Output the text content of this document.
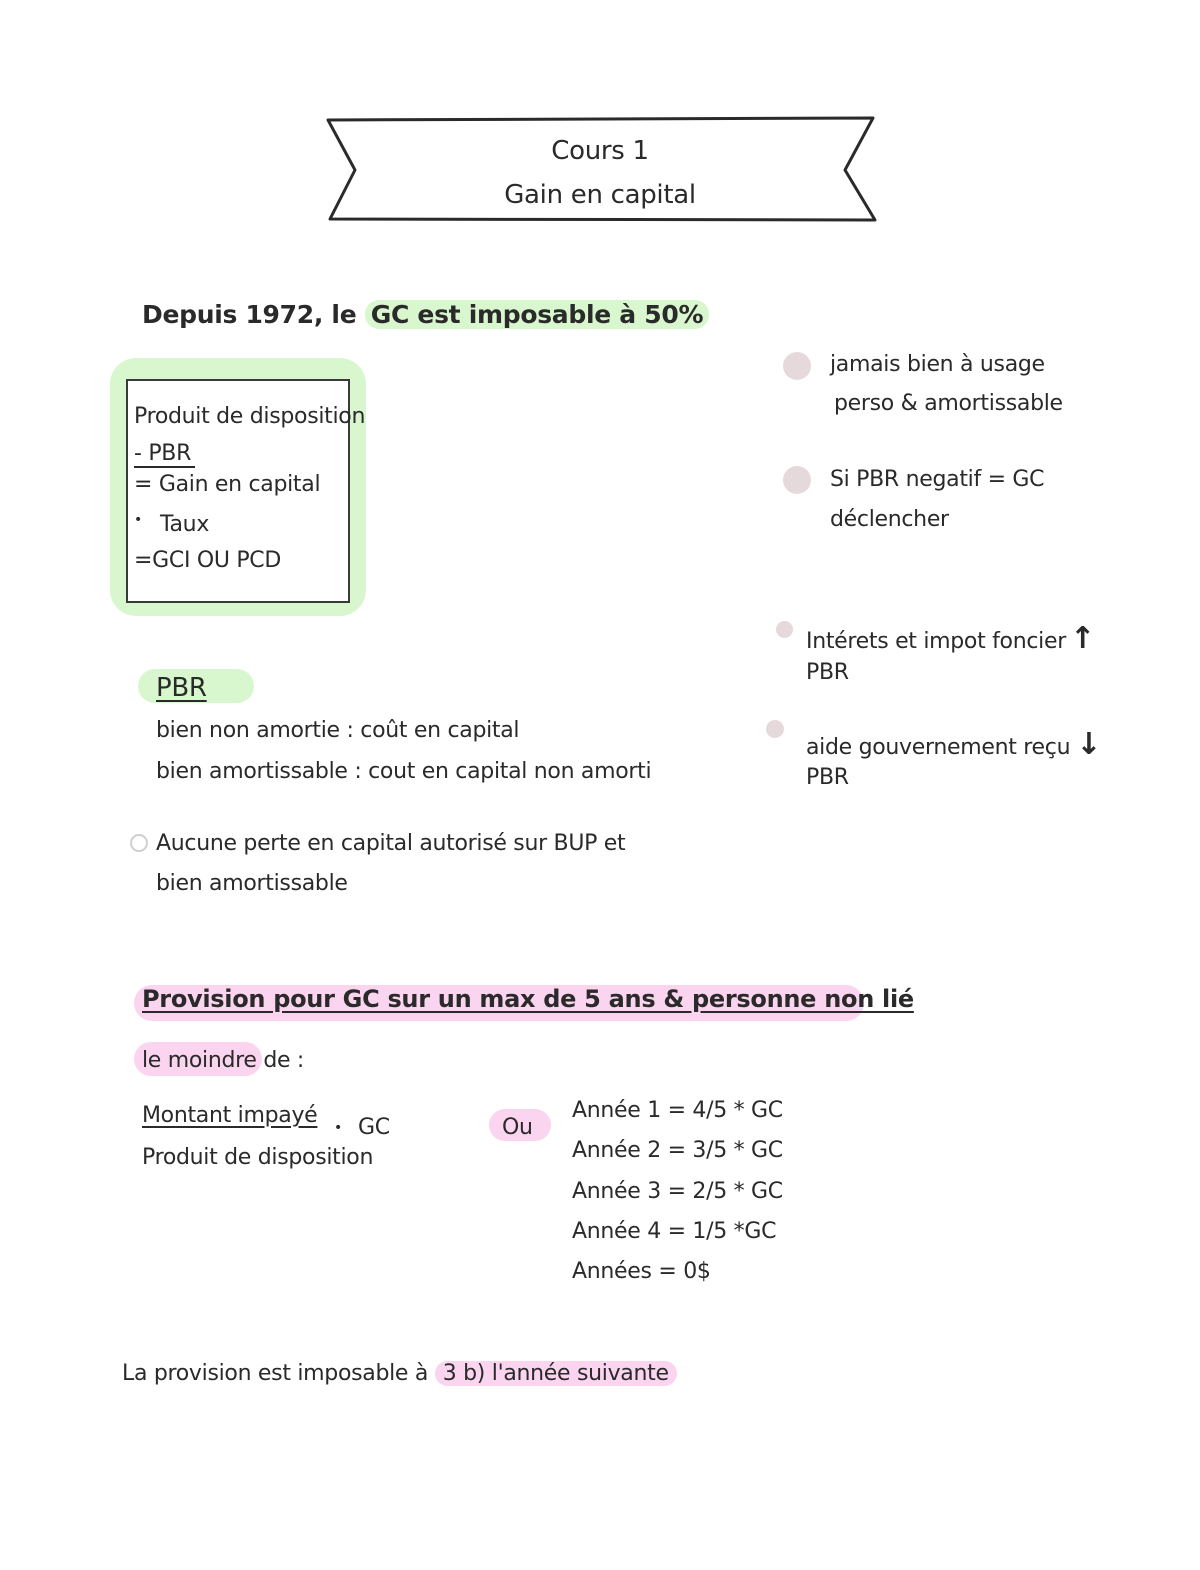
Cours 1
Gain en capital
Depuis 1972, le GC est imposable à 50%
Produit de disposition
- PBR
= Gain en capital
• Taux
=GCI OU PCD
jamais bien à usage
perso & amortissable
Si PBR negatif = GC
déclencher
Intérets et impot foncier ↑
PBR
aide gouvernement reçu ↓
PBR
PBR
bien non amortie : coût en capital
bien amortissable : cout en capital non amorti
Aucune perte en capital autorisé sur BUP et
bien amortissable
Provision pour GC sur un max de 5 ans & personne non lié
le moindre de :
Montant impayé
Produit de disposition
• GC	Ou
Année 1 = 4/5 * GC
Année 2 = 3/5 * GC
Année 3 = 2/5 * GC
Année 4 = 1/5 *GC
Années = 0$
La provision est imposable à 3 b) l'année suivante
